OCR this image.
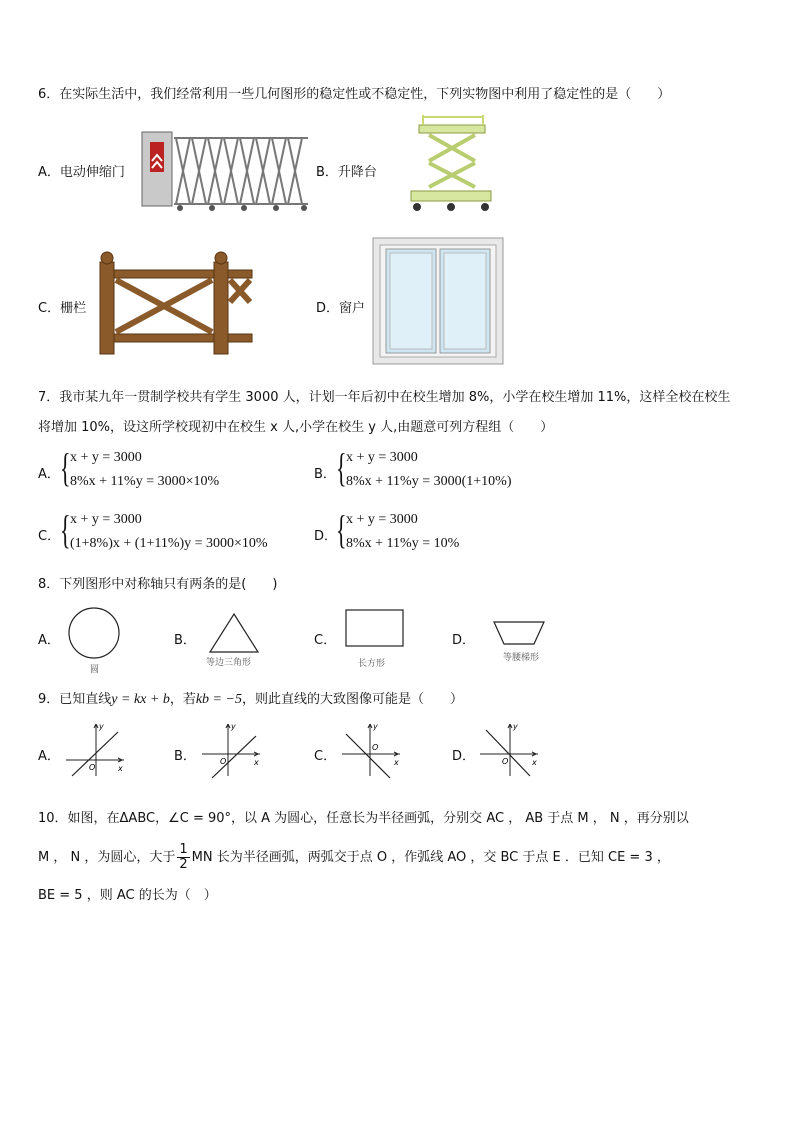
6．在实际生活中，我们经常利用一些几何图形的稳定性或不稳定性，下列实物图中利用了稳定性的是（　　）
A．电动伸缩门	B．升降台
C．栅栏	D．窗户
7．我市某九年一贯制学校共有学生 3000 人，计划一年后初中在校生增加 8%，小学在校生增加 11%，这样全校在校生
将增加 10%，设这所学校现初中在校生 x 人,小学在校生 y 人,由题意可列方程组（　　）
A． { x + y = 3000
8%x + 11%y = 3000×10%	B． { x + y = 3000
8%x + 11%y = 3000(1+10%)
C． { x + y = 3000
(1+8%)x + (1+11%)y = 3000×10%	D．
{ x + y = 3000
8%x + 11%y = 10%
8．下列图形中对称轴只有两条的是(　　)
A．
圆
B．
等边三角形
C．
长方形
D．
等腰梯形
9．已知直线y = kx + b，若kb = −5，则此直线的大致图像可能是（　　）
A．
O	x
y
B．	O	x
y
C．
O
x
y
D．	O	x
y
10．如图，在ΔABC，∠C = 90°，以 A 为圆心，任意长为半径画弧，分别交 AC ， AB 于点 M ， N ，再分别以
M ， N ，为圆心，大于 $\frac{1}{2}$ MN 长为半径画弧，两弧交于点 O ，作弧线 AO ，交 BC 于点 E ．已知 CE = 3 ，
BE = 5 ，则 AC 的长为（　）
